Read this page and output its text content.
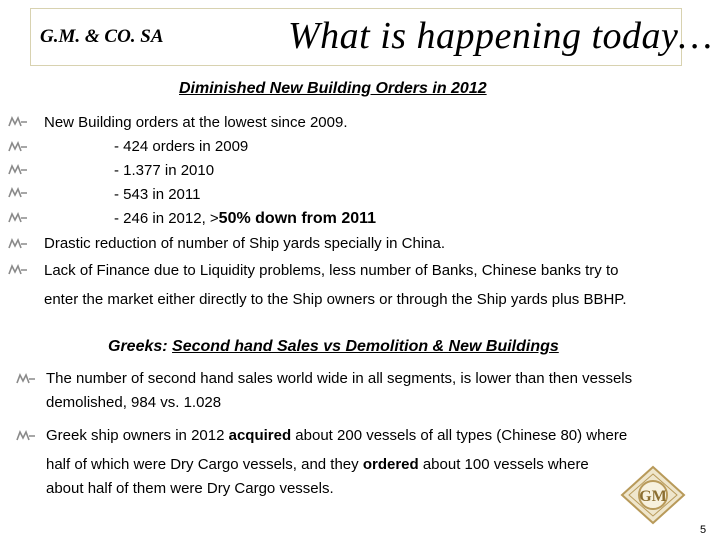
G.M. & CO. SA	What is happening today…
Diminished New Building Orders in 2012
New Building orders at the lowest since 2009.
- 424 orders in 2009
- 1.377 in 2010
- 543 in 2011
- 246 in 2012, >50% down from 2011
Drastic reduction of number of Ship yards specially in China.
Lack of Finance due to Liquidity problems, less number of Banks, Chinese banks try to
enter the market either directly to the Ship owners or through the Ship yards plus BBHP.
Greeks: Second hand Sales vs Demolition & New Buildings
The number of second hand sales world wide in all segments, is lower than then vessels
demolished, 984 vs. 1.028
Greek ship owners in 2012 acquired about 200 vessels of all types (Chinese 80) where
half of which were Dry Cargo vessels, and they ordered about 100 vessels where
about half of them were Dry Cargo vessels.	GM
5
